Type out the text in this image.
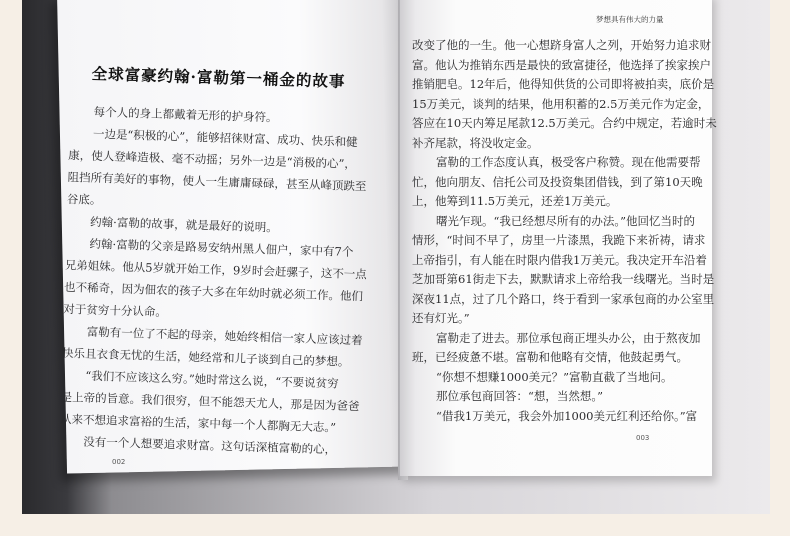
全球富豪约翰·富勒第一桶金的故事
每个人的身上都戴着无形的护身符。
一边是“积极的心”，能够招徕财富、成功、快乐和健
康，使人登峰造极、毫不动摇；另外一边是“消极的心”，
阻挡所有美好的事物，使人一生庸庸碌碌，甚至从峰顶跌至
谷底。
约翰·富勒的故事，就是最好的说明。
约翰·富勒的父亲是路易安纳州黑人佃户，家中有7个
兄弟姐妹。他从5岁就开始工作，9岁时会赶骡子，这不一点
也不稀奇，因为佃农的孩子大多在年幼时就必须工作。他们
对于贫穷十分认命。
富勒有一位了不起的母亲，她始终相信一家人应该过着
快乐且衣食无忧的生活，她经常和儿子谈到自己的梦想。
“我们不应该这么穷。”她时常这么说，“不要说贫穷
是上帝的旨意。我们很穷，但不能怨天尤人，那是因为爸爸
从来不想追求富裕的生活，家中每一个人都胸无大志。”
没有一个人想要追求财富。这句话深植富勒的心，
002
梦想具有伟大的力量
改变了他的一生。他一心想跻身富人之列，开始努力追求财
富。他认为推销东西是最快的致富捷径，他选择了挨家挨户
推销肥皂。12年后，他得知供货的公司即将被拍卖，底价是
15万美元，谈判的结果，他用积蓄的2.5万美元作为定金，
答应在10天内筹足尾款12.5万美元。合约中规定，若逾时未
补齐尾款，将没收定金。
富勒的工作态度认真，极受客户称赞。现在他需要帮
忙，他向朋友、信托公司及投资集团借钱，到了第10天晚
上，他筹到11.5万美元，还差1万美元。
曙光乍现。“我已经想尽所有的办法。”他回忆当时的
情形，“时间不早了，房里一片漆黑，我跪下来祈祷，请求
上帝指引，有人能在时限内借我1万美元。我决定开车沿着
芝加哥第61街走下去，默默请求上帝给我一线曙光。当时是
深夜11点，过了几个路口，终于看到一家承包商的办公室里
还有灯光。”
富勒走了进去。那位承包商正埋头办公，由于熬夜加
班，已经疲惫不堪。富勒和他略有交情，他鼓起勇气。
“你想不想赚1000美元？”富勒直截了当地问。
那位承包商回答：“想，当然想。”
“借我1万美元，我会外加1000美元红利还给你。”富
003
